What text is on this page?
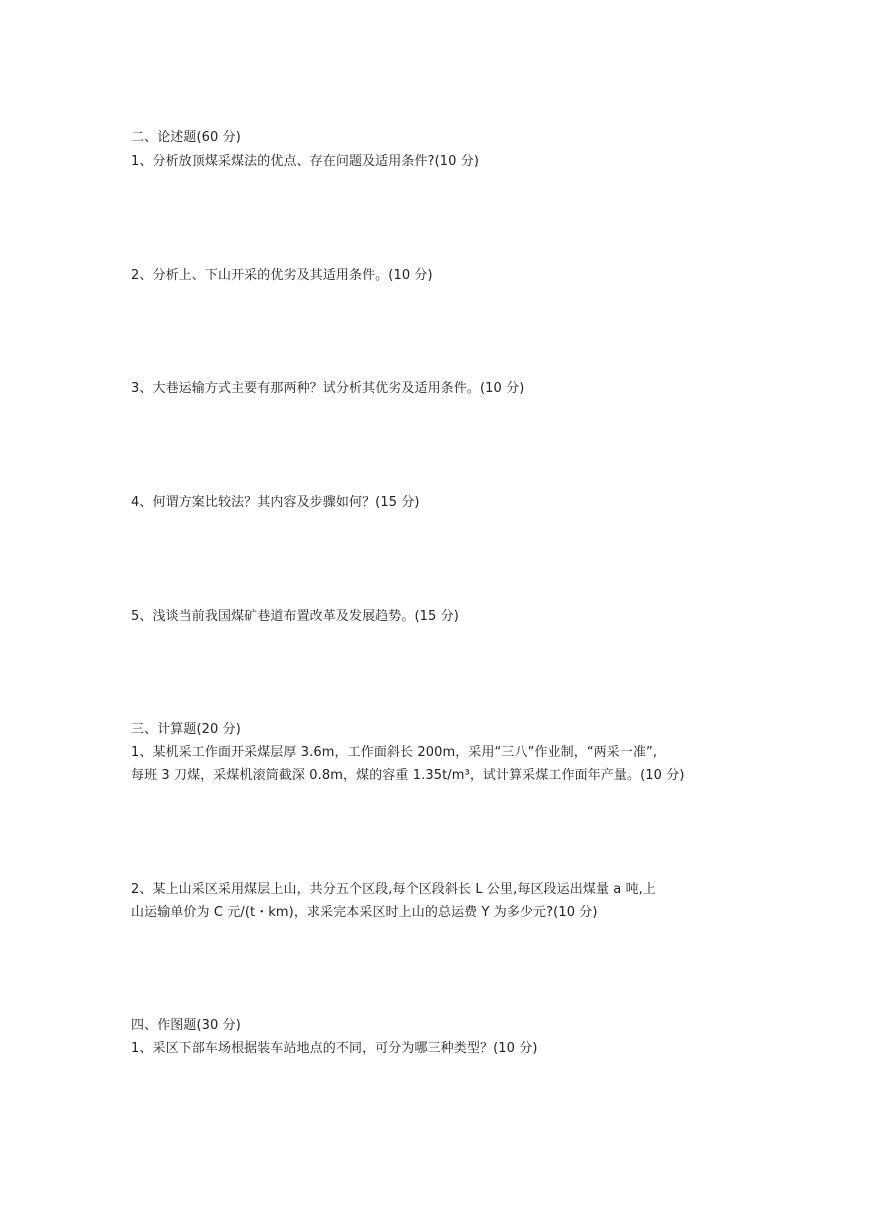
二、论述题(60 分)
1、分析放顶煤采煤法的优点、存在问题及适用条件?(10 分)
2、分析上、下山开采的优劣及其适用条件。(10 分)
3、大巷运输方式主要有那两种？试分析其优劣及适用条件。(10 分)
4、何谓方案比较法？其内容及步骤如何？(15 分)
5、浅谈当前我国煤矿巷道布置改革及发展趋势。(15 分)
三、计算题(20 分)
1、某机采工作面开采煤层厚 3.6m，工作面斜长 200m，采用“三八”作业制，“两采一准”,
每班 3 刀煤，采煤机滚筒截深 0.8m，煤的容重 1.35t/m³，试计算采煤工作面年产量。(10 分)
2、某上山采区采用煤层上山，共分五个区段,每个区段斜长 L 公里,每区段运出煤量 a 吨,上
山运输单价为 C 元/(t・km)，求采完本采区时上山的总运费 Y 为多少元?(10 分)
四、作图题(30 分)
1、采区下部车场根据装车站地点的不同，可分为哪三种类型？(10 分)
